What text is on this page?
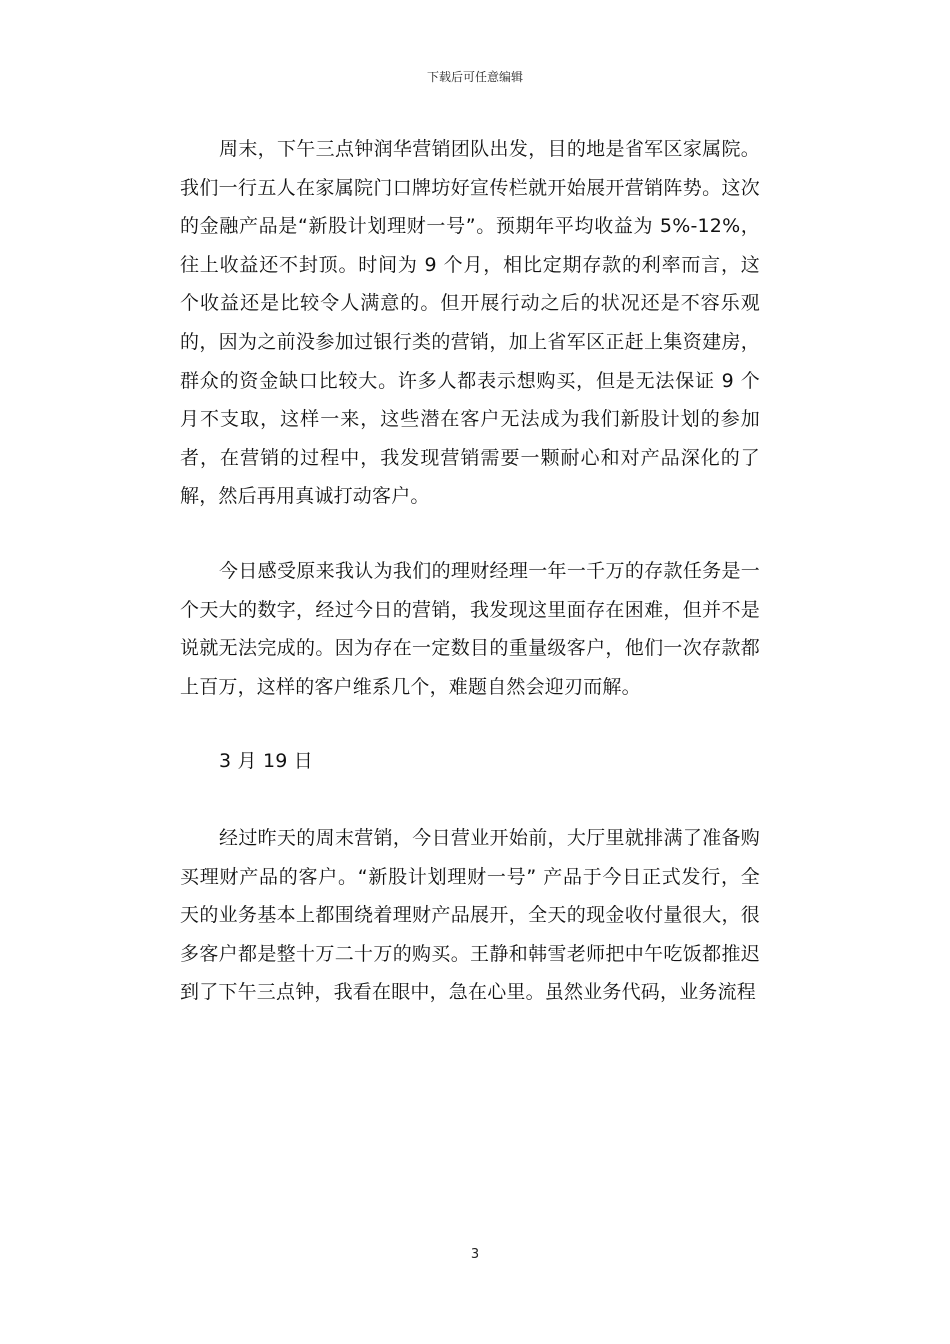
下载后可任意编辑

周末，下午三点钟润华营销团队出发，目的地是省军区家属院。我们一行五人在家属院门口牌坊好宣传栏就开始展开营销阵势。这次的金融产品是“新股计划理财一号”。预期年平均收益为 5%-12%，往上收益还不封顶。时间为 9 个月，相比定期存款的利率而言，这个收益还是比较令人满意的。但开展行动之后的状况还是不容乐观的，因为之前没参加过银行类的营销，加上省军区正赶上集资建房，群众的资金缺口比较大。许多人都表示想购买，但是无法保证 9 个月不支取，这样一来，这些潜在客户无法成为我们新股计划的参加者，在营销的过程中，我发现营销需要一颗耐心和对产品深化的了解，然后再用真诚打动客户。

今日感受原来我认为我们的理财经理一年一千万的存款任务是一个天大的数字，经过今日的营销，我发现这里面存在困难，但并不是说就无法完成的。因为存在一定数目的重量级客户，他们一次存款都上百万，这样的客户维系几个，难题自然会迎刃而解。

3 月 19 日

经过昨天的周末营销，今日营业开始前，大厅里就排满了准备购买理财产品的客户。“新股计划理财一号” 产品于今日正式发行，全天的业务基本上都围绕着理财产品展开，全天的现金收付量很大，很多客户都是整十万二十万的购买。王静和韩雪老师把中午吃饭都推迟到了下午三点钟，我看在眼中，急在心里。虽然业务代码，业务流程

3
